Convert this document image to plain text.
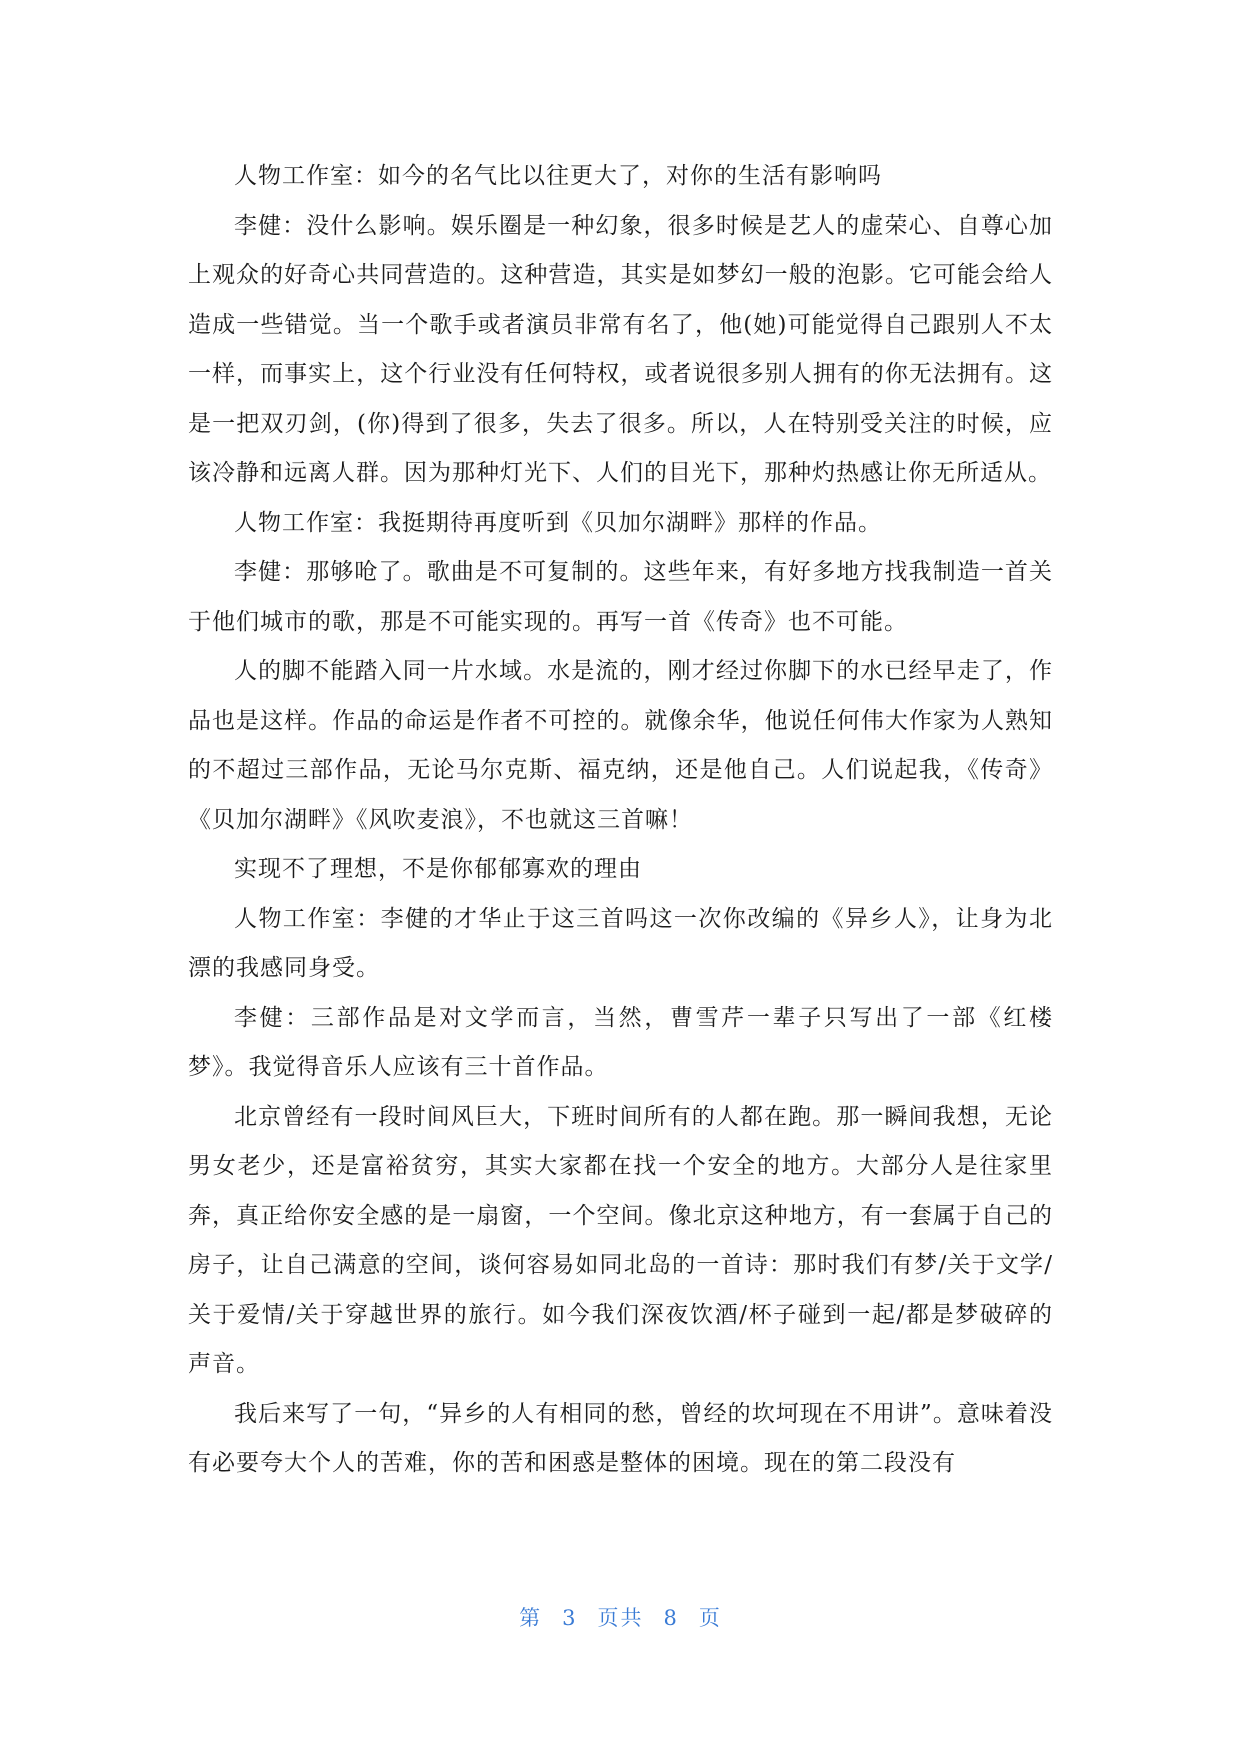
人物工作室：如今的名气比以往更大了，对你的生活有影响吗

李健：没什么影响。娱乐圈是一种幻象，很多时候是艺人的虚荣心、自尊心加上观众的好奇心共同营造的。这种营造，其实是如梦幻一般的泡影。它可能会给人造成一些错觉。当一个歌手或者演员非常有名了，他(她)可能觉得自己跟别人不太一样，而事实上，这个行业没有任何特权，或者说很多别人拥有的你无法拥有。这是一把双刃剑，(你)得到了很多，失去了很多。所以，人在特别受关注的时候，应该冷静和远离人群。因为那种灯光下、人们的目光下，那种灼热感让你无所适从。

人物工作室：我挺期待再度听到《贝加尔湖畔》那样的作品。

李健：那够呛了。歌曲是不可复制的。这些年来，有好多地方找我制造一首关于他们城市的歌，那是不可能实现的。再写一首《传奇》也不可能。

人的脚不能踏入同一片水域。水是流的，刚才经过你脚下的水已经早走了，作品也是这样。作品的命运是作者不可控的。就像余华，他说任何伟大作家为人熟知的不超过三部作品，无论马尔克斯、福克纳，还是他自己。人们说起我，《传奇》《贝加尔湖畔》《风吹麦浪》，不也就这三首嘛！

实现不了理想，不是你郁郁寡欢的理由

人物工作室：李健的才华止于这三首吗这一次你改编的《异乡人》，让身为北漂的我感同身受。

李健：三部作品是对文学而言，当然，曹雪芹一辈子只写出了一部《红楼梦》。我觉得音乐人应该有三十首作品。

北京曾经有一段时间风巨大，下班时间所有的人都在跑。那一瞬间我想，无论男女老少，还是富裕贫穷，其实大家都在找一个安全的地方。大部分人是往家里奔，真正给你安全感的是一扇窗，一个空间。像北京这种地方，有一套属于自己的房子，让自己满意的空间，谈何容易如同北岛的一首诗：那时我们有梦/关于文学/关于爱情/关于穿越世界的旅行。如今我们深夜饮酒/杯子碰到一起/都是梦破碎的声音。

我后来写了一句，“异乡的人有相同的愁，曾经的坎坷现在不用讲”。意味着没有必要夸大个人的苦难，你的苦和困惑是整体的困境。现在的第二段没有

第 3 页共 8 页
